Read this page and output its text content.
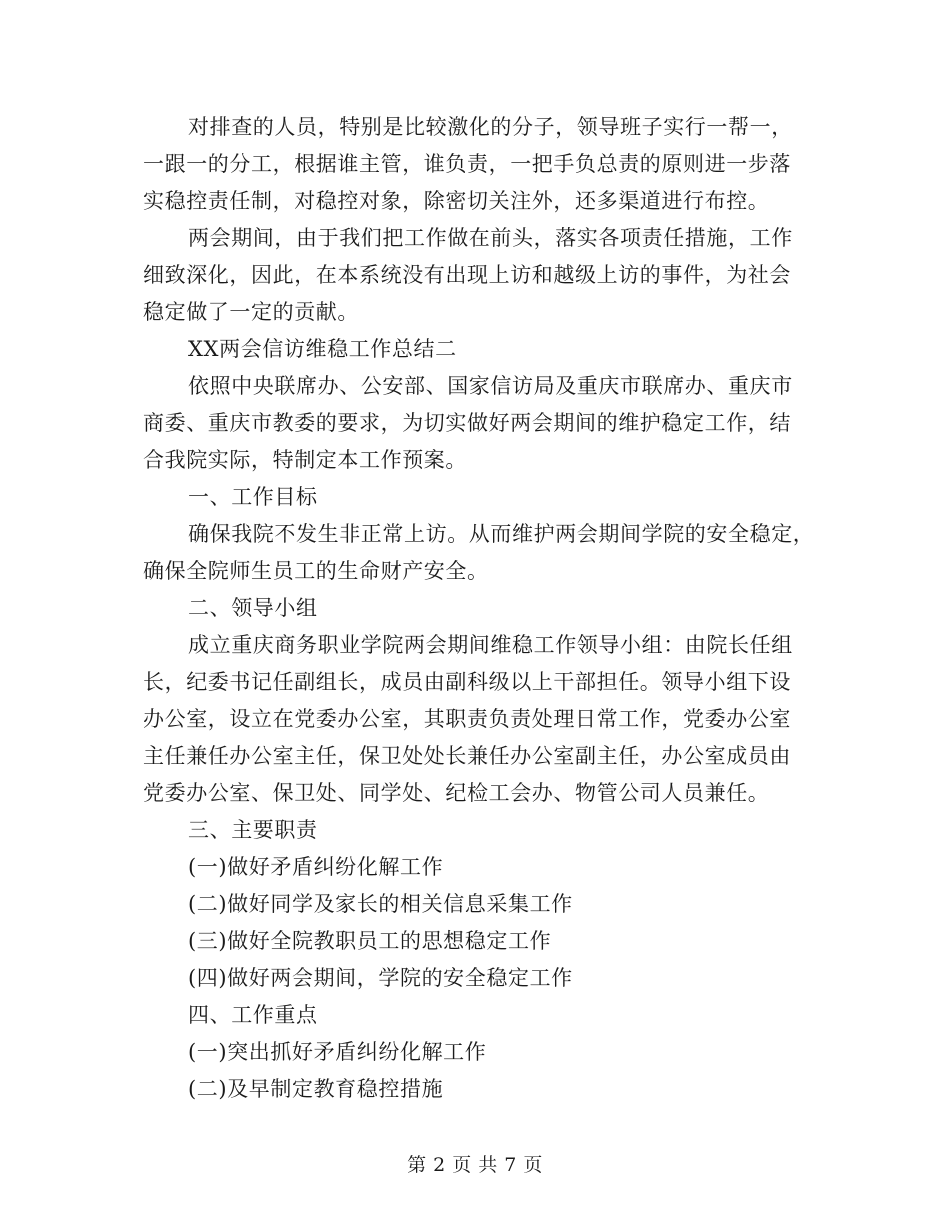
对排查的人员，特别是比较激化的分子，领导班子实行一帮一，
一跟一的分工，根据谁主管，谁负责，一把手负总责的原则进一步落
实稳控责任制，对稳控对象，除密切关注外，还多渠道进行布控。
两会期间，由于我们把工作做在前头，落实各项责任措施，工作
细致深化，因此，在本系统没有出现上访和越级上访的事件，为社会
稳定做了一定的贡献。
XX两会信访维稳工作总结二
依照中央联席办、公安部、国家信访局及重庆市联席办、重庆市
商委、重庆市教委的要求，为切实做好两会期间的维护稳定工作，结
合我院实际，特制定本工作预案。
一、工作目标
确保我院不发生非正常上访。从而维护两会期间学院的安全稳定，
确保全院师生员工的生命财产安全。
二、领导小组
成立重庆商务职业学院两会期间维稳工作领导小组：由院长任组
长，纪委书记任副组长，成员由副科级以上干部担任。领导小组下设
办公室，设立在党委办公室，其职责负责处理日常工作，党委办公室
主任兼任办公室主任，保卫处处长兼任办公室副主任，办公室成员由
党委办公室、保卫处、同学处、纪检工会办、物管公司人员兼任。
三、主要职责
(一)做好矛盾纠纷化解工作
(二)做好同学及家长的相关信息采集工作
(三)做好全院教职员工的思想稳定工作
(四)做好两会期间，学院的安全稳定工作
四、工作重点
(一)突出抓好矛盾纠纷化解工作
(二)及早制定教育稳控措施
第 2 页 共 7 页
